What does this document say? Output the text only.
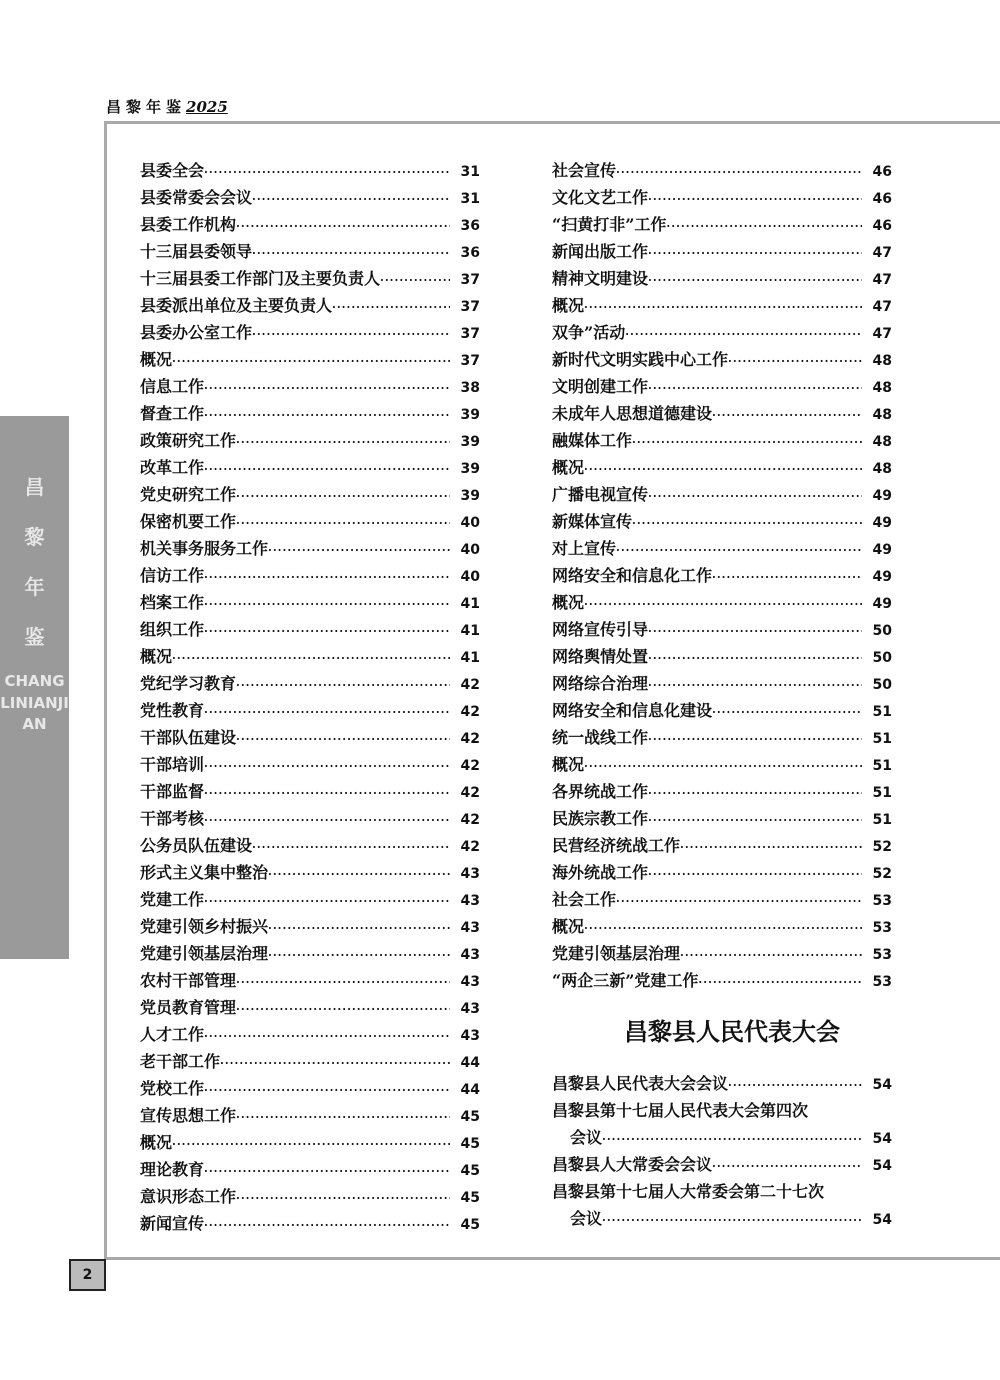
昌黎年鉴2025
昌
黎
年
鉴
CHANGLINIANJIAN
县委全会 ·····	31
县委常委会会议 ·····	31
县委工作机构 ·····	36
十三届县委领导 ·····	36
十三届县委工作部门及主要负责人 ·····	37
县委派出单位及主要负责人 ·····	37
县委办公室工作 ·····	37
概况 ·····	37
信息工作 ·····	38
督查工作 ·····	39
政策研究工作 ·····	39
改革工作 ·····	39
党史研究工作 ·····	39
保密机要工作 ·····	40
机关事务服务工作 ·····	40
信访工作 ·····	40
档案工作 ·····	41
组织工作 ·····	41
概况 ·····	41
党纪学习教育 ·····	42
党性教育 ·····	42
干部队伍建设 ·····	42
干部培训 ·····	42
干部监督 ·····	42
干部考核 ·····	42
公务员队伍建设 ·····	42
形式主义集中整治 ·····	43
党建工作 ·····	43
党建引领乡村振兴 ·····	43
党建引领基层治理 ·····	43
农村干部管理 ·····	43
党员教育管理 ·····	43
人才工作 ·····	43
老干部工作 ·····	44
党校工作 ·····	44
宣传思想工作 ·····	45
概况 ·····	45
理论教育 ·····	45
意识形态工作 ·····	45
新闻宣传 ·····	45
社会宣传 ·····	46
文化文艺工作 ·····	46
“扫黄打非”工作 ·····	46
新闻出版工作 ·····	47
精神文明建设 ·····	47
概况 ·····	47
双争”活动 ·····	47
新时代文明实践中心工作 ·····	48
文明创建工作 ·····	48
未成年人思想道德建设 ·····	48
融媒体工作 ·····	48
概况 ·····	48
广播电视宣传 ·····	49
新媒体宣传 ·····	49
对上宣传 ·····	49
网络安全和信息化工作 ·····	49
概况 ·····	49
网络宣传引导 ·····	50
网络舆情处置 ·····	50
网络综合治理 ·····	50
网络安全和信息化建设 ·····	51
统一战线工作 ·····	51
概况 ·····	51
各界统战工作 ·····	51
民族宗教工作 ·····	51
民营经济统战工作 ·····	52
海外统战工作 ·····	52
社会工作 ·····	53
概况 ·····	53
党建引领基层治理 ·····	53
“两企三新”党建工作 ·····	53
昌黎县人民代表大会
昌黎县人民代表大会会议 ·····	54
昌黎县第十七届人民代表大会第四次
会议 ·····	54
昌黎县人大常委会会议 ·····	54
昌黎县第十七届人大常委会第二十七次
会议 ·····	54
2
